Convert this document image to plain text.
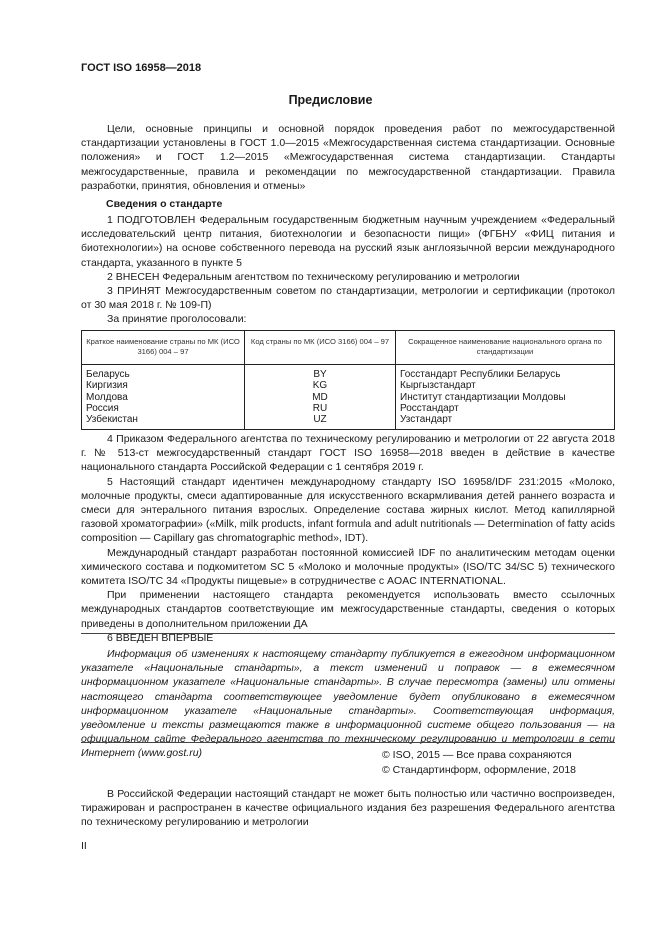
ГОСТ ISO 16958—2018
Предисловие

Цели, основные принципы и основной порядок проведения работ по межгосударственной стандартизации установлены в ГОСТ 1.0—2015 «Межгосударственная система стандартизации. Основные положения» и ГОСТ 1.2—2015 «Межгосударственная система стандартизации. Стандарты межгосударственные, правила и рекомендации по межгосударственной стандартизации. Правила разработки, принятия, обновления и отмены»

Сведения о стандарте

1 ПОДГОТОВЛЕН Федеральным государственным бюджетным научным учреждением «Федеральный исследовательский центр питания, биотехнологии и безопасности пищи» (ФГБНУ «ФИЦ питания и биотехнологии») на основе собственного перевода на русский язык англоязычной версии международного стандарта, указанного в пункте 5

2 ВНЕСЕН Федеральным агентством по техническому регулированию и метрологии

3 ПРИНЯТ Межгосударственным советом по стандартизации, метрологии и сертификации (протокол от 30 мая 2018 г. № 109-П)

За принятие проголосовали:

Краткое наименование страны по МК (ИСО 3166) 004 – 97	Код страны по МК (ИСО 3166) 004 – 97	Сокращенное наименование национального органа по стандартизации
Беларусь	BY	Госстандарт Республики Беларусь
Киргизия	KG	Кыргызстандарт
Молдова	MD	Институт стандартизации Молдовы
Россия	RU	Росстандарт
Узбекистан	UZ	Узстандарт

4 Приказом Федерального агентства по техническому регулированию и метрологии от 22 августа 2018 г. № 513-ст межгосударственный стандарт ГОСТ ISO 16958—2018 введен в действие в качестве национального стандарта Российской Федерации с 1 сентября 2019 г.

5 Настоящий стандарт идентичен международному стандарту ISO 16958/IDF 231:2015 «Молоко, молочные продукты, смеси адаптированные для искусственного вскармливания детей раннего возраста и смеси для энтерального питания взрослых. Определение состава жирных кислот. Метод капиллярной газовой хроматографии» («Milk, milk products, infant formula and adult nutritionals — Determination of fatty acids composition — Capillary gas chromatographic method», IDT).

Международный стандарт разработан постоянной комиссией IDF по аналитическим методам оценки химического состава и подкомитетом SC 5 «Молоко и молочные продукты» (ISO/TC 34/SC 5) технического комитета ISO/TC 34 «Продукты пищевые» в сотрудничестве с AOAC INTERNATIONAL.

При применении настоящего стандарта рекомендуется использовать вместо ссылочных международных стандартов соответствующие им межгосударственные стандарты, сведения о которых приведены в дополнительном приложении ДА

6 ВВЕДЕН ВПЕРВЫЕ

Информация об изменениях к настоящему стандарту публикуется в ежегодном информационном указателе «Национальные стандарты», а текст изменений и поправок — в ежемесячном информационном указателе «Национальные стандарты». В случае пересмотра (замены) или отмены настоящего стандарта соответствующее уведомление будет опубликовано в ежемесячном информационном указателе «Национальные стандарты». Соответствующая информация, уведомление и тексты размещаются также в информационной системе общего пользования — на официальном сайте Федерального агентства по техническому регулированию и метрологии в сети Интернет (www.gost.ru)	© ISO, 2015 — Все права сохраняются
© Стандартинформ, оформление, 2018
В Российской Федерации настоящий стандарт не может быть полностью или частично воспроизведен, тиражирован и распространен в качестве официального издания без разрешения Федерального агентства по техническому регулированию и метрологии
II
